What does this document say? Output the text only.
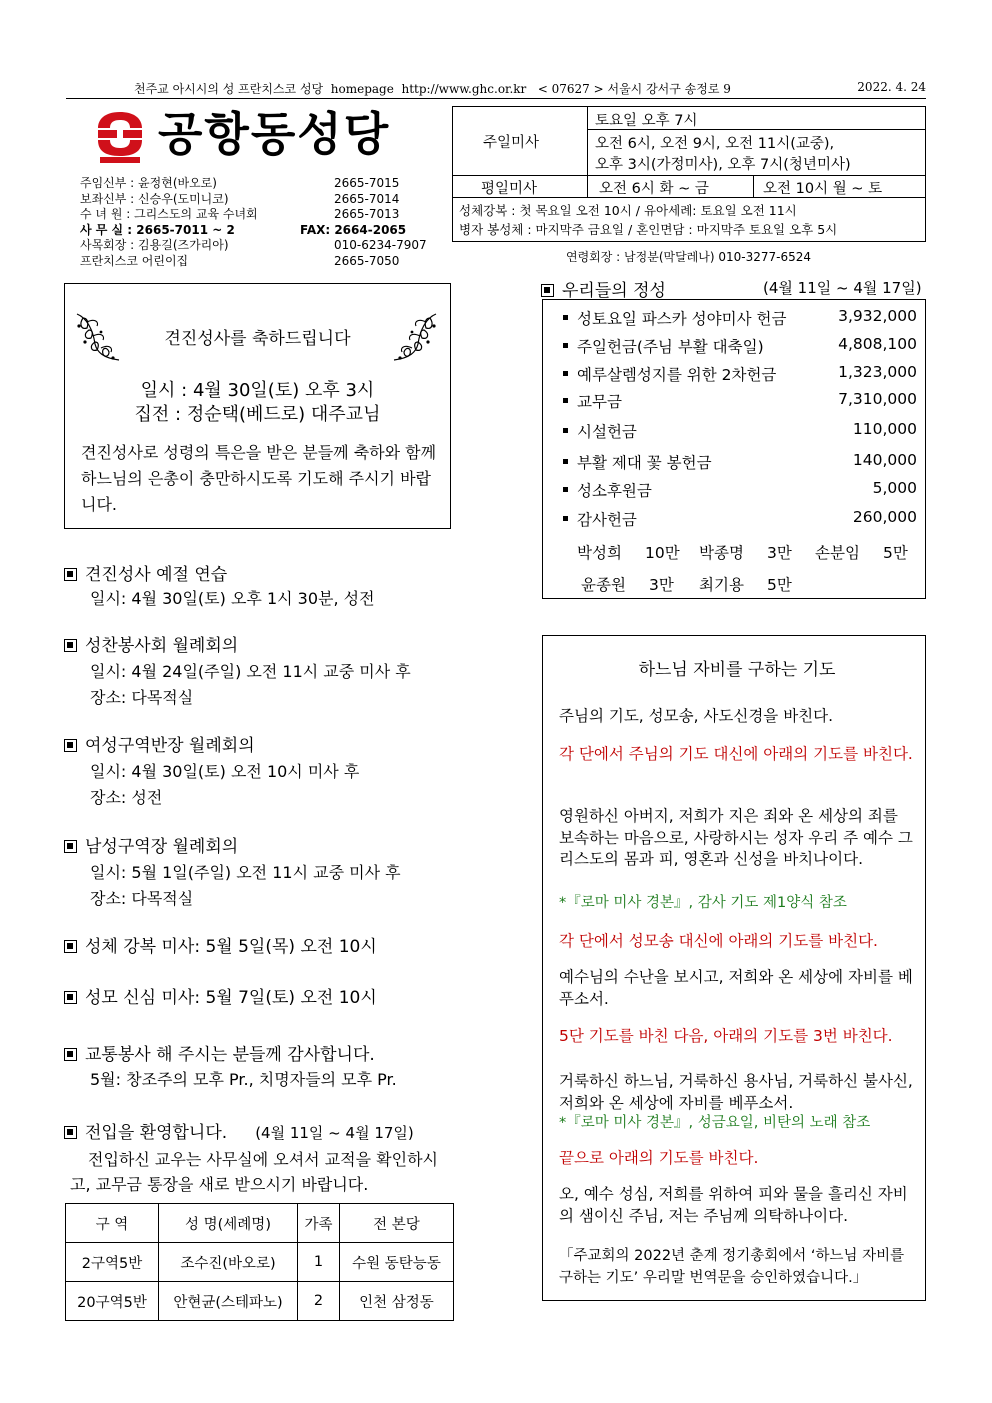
천주교 아시시의 성 프란치스코 성당 homepage http://www.ghc.or.kr < 07627 > 서울시 강서구 송정로 9	2022. 4. 24
공항동성당
주임신부 : 윤정현(바오로)	2665-7015
보좌신부 : 신승우(도미니코)	2665-7014
수 녀 원 : 그리스도의 교육 수녀회	2665-7013
사 무 실 : 2665-7011 ~ 2	FAX: 2664-2065
사목회장 : 김용길(즈가리아)	010-6234-7907
프란치스코 어린이집	2665-7050
주일미사
토요일 오후 7시
오전 6시, 오전 9시, 오전 11시(교중),
오후 3시(가정미사), 오후 7시(청년미사)
평일미사	오전 6시 화 ~ 금	오전 10시 월 ~ 토
성체강복 : 첫 목요일 오전 10시 / 유아세례: 토요일 오전 11시
병자 봉성체 : 마지막주 금요일 / 혼인면담 : 마지막주 토요일 오후 5시
연령회장 : 남정분(막달레나) 010-3277-6524
견진성사를 축하드립니다
일시 : 4월 30일(토) 오후 3시
집전 : 정순택(베드로) 대주교님
견진성사로 성령의 특은을 받은 분들께 축하와 함께 하느님의 은총이 충만하시도록 기도해 주시기 바랍니다.
견진성사 예절 연습
일시: 4월 30일(토) 오후 1시 30분, 성전
성찬봉사회 월례회의
일시: 4월 24일(주일) 오전 11시 교중 미사 후
장소: 다목적실
여성구역반장 월례회의
일시: 4월 30일(토) 오전 10시 미사 후
장소: 성전
남성구역장 월례회의
일시: 5월 1일(주일) 오전 11시 교중 미사 후
장소: 다목적실
성체 강복 미사: 5월 5일(목) 오전 10시
성모 신심 미사: 5월 7일(토) 오전 10시
교통봉사 해 주시는 분들께 감사합니다.
5월: 창조주의 모후 Pr., 치명자들의 모후 Pr.
전입을 환영합니다. (4월 11일 ~ 4월 17일)
전입하신 교우는 사무실에 오셔서 교적을 확인하시
고, 교무금 통장을 새로 받으시기 바랍니다.
구 역	성 명(세례명)	가족	전 본당
2구역5반	조수진(바오로)	1	수원 동탄능동
20구역5반	안현균(스테파노)	2	인천 삼정동
우리들의 정성	(4월 11일 ~ 4월 17일)
성토요일 파스카 성야미사 헌금	3,932,000
주일헌금(주님 부활 대축일)	4,808,100
예루살렘성지를 위한 2차헌금	1,323,000
교무금	7,310,000
시설헌금	110,000
부활 제대 꽃 봉헌금	140,000
성소후원금	5,000
감사헌금	260,000
박성희 10만 박종명 3만 손분임 5만
윤종원 3만 최기용 5만
하느님 자비를 구하는 기도
주님의 기도, 성모송, 사도신경을 바친다.
각 단에서 주님의 기도 대신에 아래의 기도를 바친다.
영원하신 아버지, 저희가 지은 죄와 온 세상의 죄를 보속하는 마음으로, 사랑하시는 성자 우리 주 예수 그리스도의 몸과 피, 영혼과 신성을 바치나이다.
*『로마 미사 경본』, 감사 기도 제1양식 참조
각 단에서 성모송 대신에 아래의 기도를 바친다.
예수님의 수난을 보시고, 저희와 온 세상에 자비를 베푸소서.
5단 기도를 바친 다음, 아래의 기도를 3번 바친다.
거룩하신 하느님, 거룩하신 용사님, 거룩하신 불사신, 저희와 온 세상에 자비를 베푸소서.
*『로마 미사 경본』, 성금요일, 비탄의 노래 참조
끝으로 아래의 기도를 바친다.
오, 예수 성심, 저희를 위하여 피와 물을 흘리신 자비의 샘이신 주님, 저는 주님께 의탁하나이다.
「주교회의 2022년 춘계 정기총회에서 ‘하느님 자비를 구하는 기도’ 우리말 번역문을 승인하였습니다.」
